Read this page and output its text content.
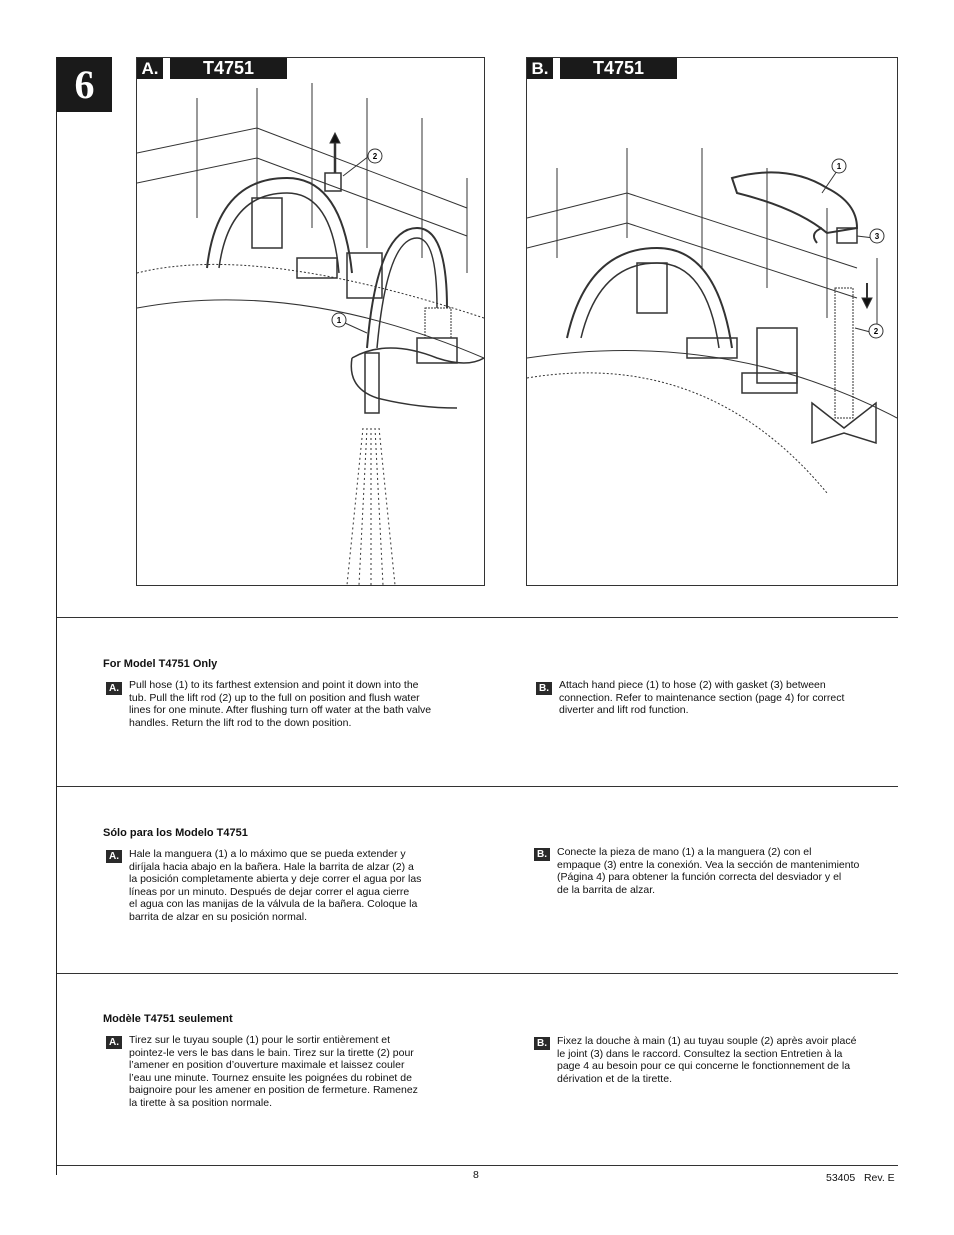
6
2
1
A.	T4751
1
3
2
B.	T4751
For Model T4751 Only
A. Pull hose (1) to its farthest extension and point it down into the
tub. Pull the lift rod (2) up to the full on position and flush water
lines for one minute. After flushing turn off water at the bath valve
handles. Return the lift rod to the down position.
B. Attach hand piece (1) to hose (2) with gasket (3) between
connection. Refer to maintenance section (page 4) for correct
diverter and lift rod function.
Sólo para los Modelo T4751
A. Hale la manguera (1) a lo máximo que se pueda extender y
diríjala hacia abajo en la bañera. Hale la barrita de alzar (2) a
la posición completamente abierta y deje correr el agua por las
líneas por un minuto. Después de dejar correr el agua cierre
el agua con las manijas de la válvula de la bañera. Coloque la
barrita de alzar en su posición normal.
B. Conecte la pieza de mano (1) a la manguera (2) con el
empaque (3) entre la conexión. Vea la sección de mantenimiento
(Página 4) para obtener la función correcta del desviador y el
de la barrita de alzar.
Modèle T4751 seulement
A. Tirez sur le tuyau souple (1) pour le sortir entièrement et
pointez-le vers le bas dans le bain. Tirez sur la tirette (2) pour
l’amener en position d’ouverture maximale et laissez couler
l’eau une minute. Tournez ensuite les poignées du robinet de
baignoire pour les amener en position de fermeture. Ramenez
la tirette à sa position normale.
B. Fixez la douche à main (1) au tuyau souple (2) après avoir placé
le joint (3) dans le raccord. Consultez la section Entretien à la
page 4 au besoin pour ce qui concerne le fonctionnement de la
dérivation et de la tirette.
8	53405   Rev. E
